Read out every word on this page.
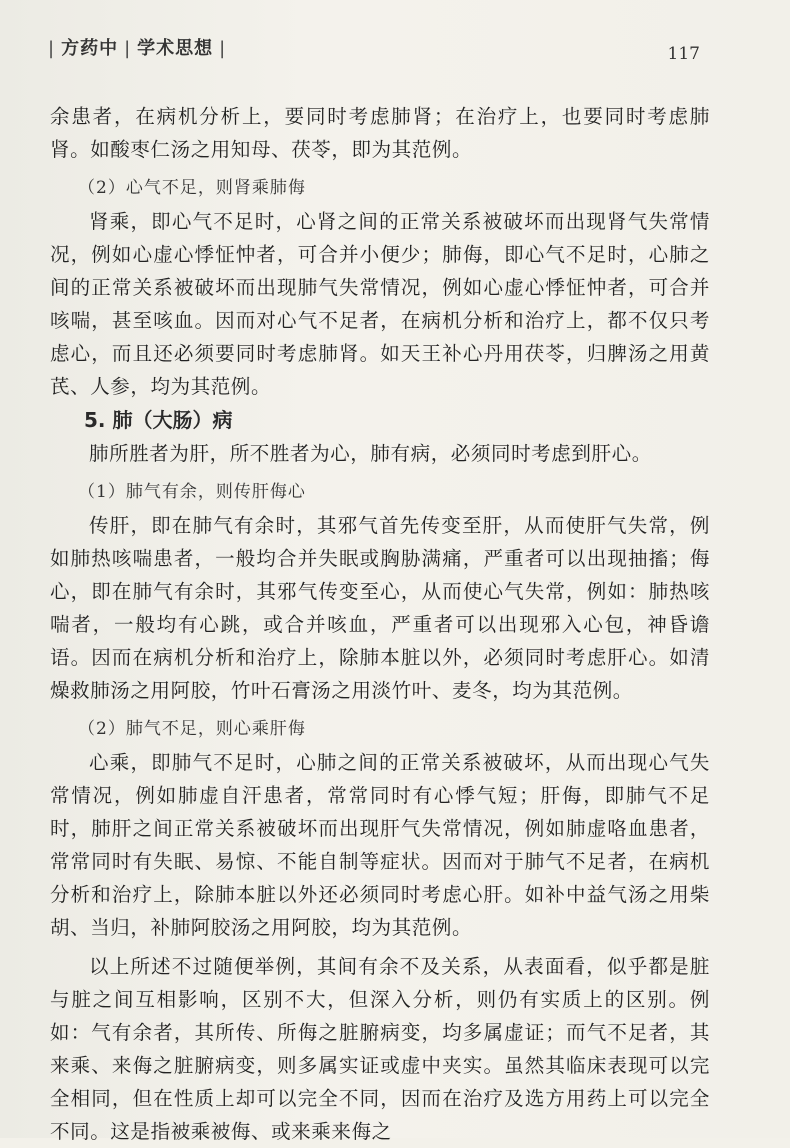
| 方药中 | 学术思想 |	117

余患者，在病机分析上，要同时考虑肺肾；在治疗上，也要同时考虑肺肾。如酸枣仁汤之用知母、茯苓，即为其范例。

（2）心气不足，则肾乘肺侮

肾乘，即心气不足时，心肾之间的正常关系被破坏而出现肾气失常情况，例如心虚心悸怔忡者，可合并小便少；肺侮，即心气不足时，心肺之间的正常关系被破坏而出现肺气失常情况，例如心虚心悸怔忡者，可合并咳喘，甚至咳血。因而对心气不足者，在病机分析和治疗上，都不仅只考虑心，而且还必须要同时考虑肺肾。如天王补心丹用茯苓，归脾汤之用黄芪、人参，均为其范例。

5. 肺（大肠）病

肺所胜者为肝，所不胜者为心，肺有病，必须同时考虑到肝心。

（1）肺气有余，则传肝侮心

传肝，即在肺气有余时，其邪气首先传变至肝，从而使肝气失常，例如肺热咳喘患者，一般均合并失眠或胸胁满痛，严重者可以出现抽搐；侮心，即在肺气有余时，其邪气传变至心，从而使心气失常，例如：肺热咳喘者，一般均有心跳，或合并咳血，严重者可以出现邪入心包，神昏谵语。因而在病机分析和治疗上，除肺本脏以外，必须同时考虑肝心。如清燥救肺汤之用阿胶，竹叶石膏汤之用淡竹叶、麦冬，均为其范例。

（2）肺气不足，则心乘肝侮

心乘，即肺气不足时，心肺之间的正常关系被破坏，从而出现心气失常情况，例如肺虚自汗患者，常常同时有心悸气短；肝侮，即肺气不足时，肺肝之间正常关系被破坏而出现肝气失常情况，例如肺虚咯血患者，常常同时有失眠、易惊、不能自制等症状。因而对于肺气不足者，在病机分析和治疗上，除肺本脏以外还必须同时考虑心肝。如补中益气汤之用柴胡、当归，补肺阿胶汤之用阿胶，均为其范例。

以上所述不过随便举例，其间有余不及关系，从表面看，似乎都是脏与脏之间互相影响，区别不大，但深入分析，则仍有实质上的区别。例如：气有余者，其所传、所侮之脏腑病变，均多属虚证；而气不足者，其来乘、来侮之脏腑病变，则多属实证或虚中夹实。虽然其临床表现可以完全相同，但在性质上却可以完全不同，因而在治疗及选方用药上可以完全不同。这是指被乘被侮、或来乘来侮之
